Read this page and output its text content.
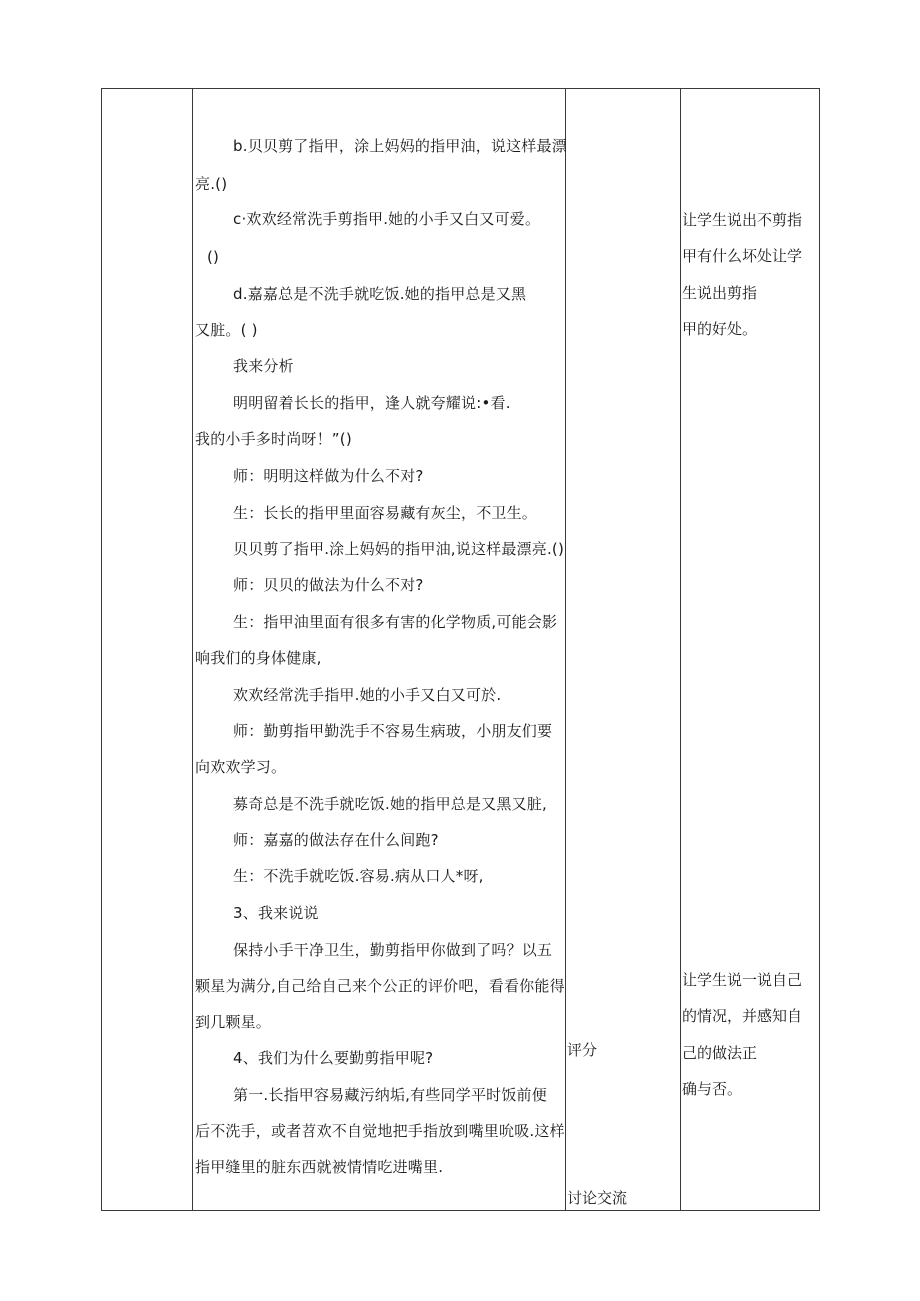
b.贝贝剪了指甲，涂上妈妈的指甲油，说这样最漂
亮.()
c·欢欢经常洗手剪指甲.她的小手又白又可爱。
()
d.嘉嘉总是不洗手就吃饭.她的指甲总是又黑
又脏。( )
我来分析
明明留着长长的指甲，逢人就夸耀说:•看.
我的小手多时尚呀！”()
师：明明这样做为什么不对?
生：长长的指甲里面容易藏有灰尘，不卫生。
贝贝剪了指甲.涂上妈妈的指甲油,说这样最漂亮.()
师：贝贝的做法为什么不对?
生：指甲油里面有很多有害的化学物质,可能会影
响我们的身体健康,
欢欢经常洗手指甲.她的小手又白又可於.
师：勤剪指甲勤洗手不容易生病玻，小朋友们要
向欢欢学习。
募奇总是不洗手就吃饭.她的指甲总是又黑又脏,
师：嘉嘉的做法存在什么间跑?
生：不洗手就吃饭.容易.病从口人*呀,
3、我来说说
保持小手干净卫生，勤剪指甲你做到了吗？以五
颗星为满分,自己给自己来个公正的评价吧，看看你能得
到几颗星。
4、我们为什么要勤剪指甲呢?
第一.长指甲容易藏污纳垢,有些同学平时饭前便
后不洗手，或者苕欢不自觉地把手指放到嘴里吮吸.这样
指甲缝里的脏东西就被情情吃进嘴里.
评分
讨论交流
让学生说出不剪指
甲有什么坏处让学
生说出剪指
甲的好处。
让学生说一说自己
的情况，并感知自
己的做法正
确与否。
